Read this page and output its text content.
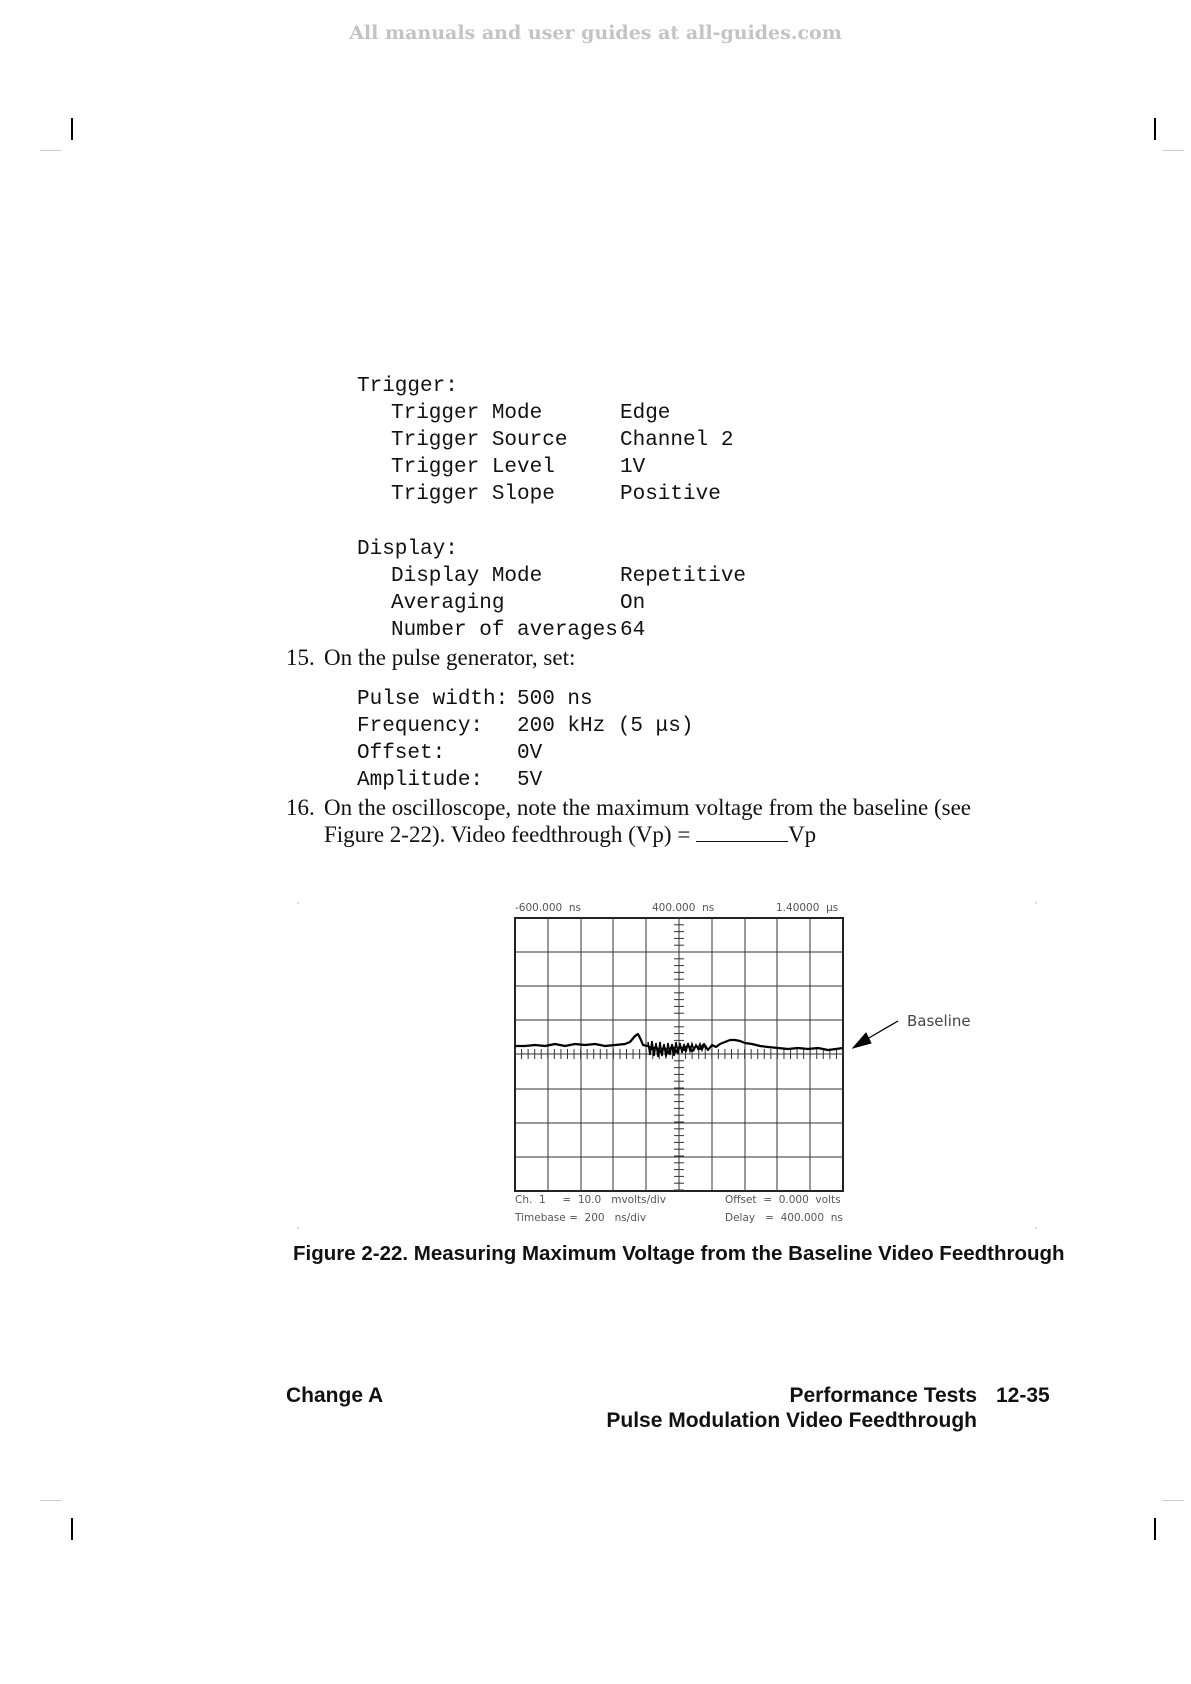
All manuals and user guides at all-guides.com
Trigger:
Trigger Mode	Edge
Trigger Source	Channel 2
Trigger Level	1V
Trigger Slope	Positive
Display:
Display Mode	Repetitive
Averaging	On
Number of averages 64
15. On the pulse generator, set:
Pulse width: 500 ns
Frequency: 200 kHz (5 μs)
Offset:	0V
Amplitude: 5V
16. On the oscilloscope, note the maximum voltage from the baseline (see
Figure 2-22). Video feedthrough (Vp) =	Vp
-600.000  ns	400.000  ns	1.40000  μs
Baseline
Ch.  1     =  10.0   mvolts/div	Offset  =  0.000  volts
Timebase =  200   ns/div	Delay   =  400.000  ns
Figure 2-22. Measuring Maximum Voltage from the Baseline Video Feedthrough
Change A	Performance Tests 12-35
Pulse Modulation Video Feedthrough
